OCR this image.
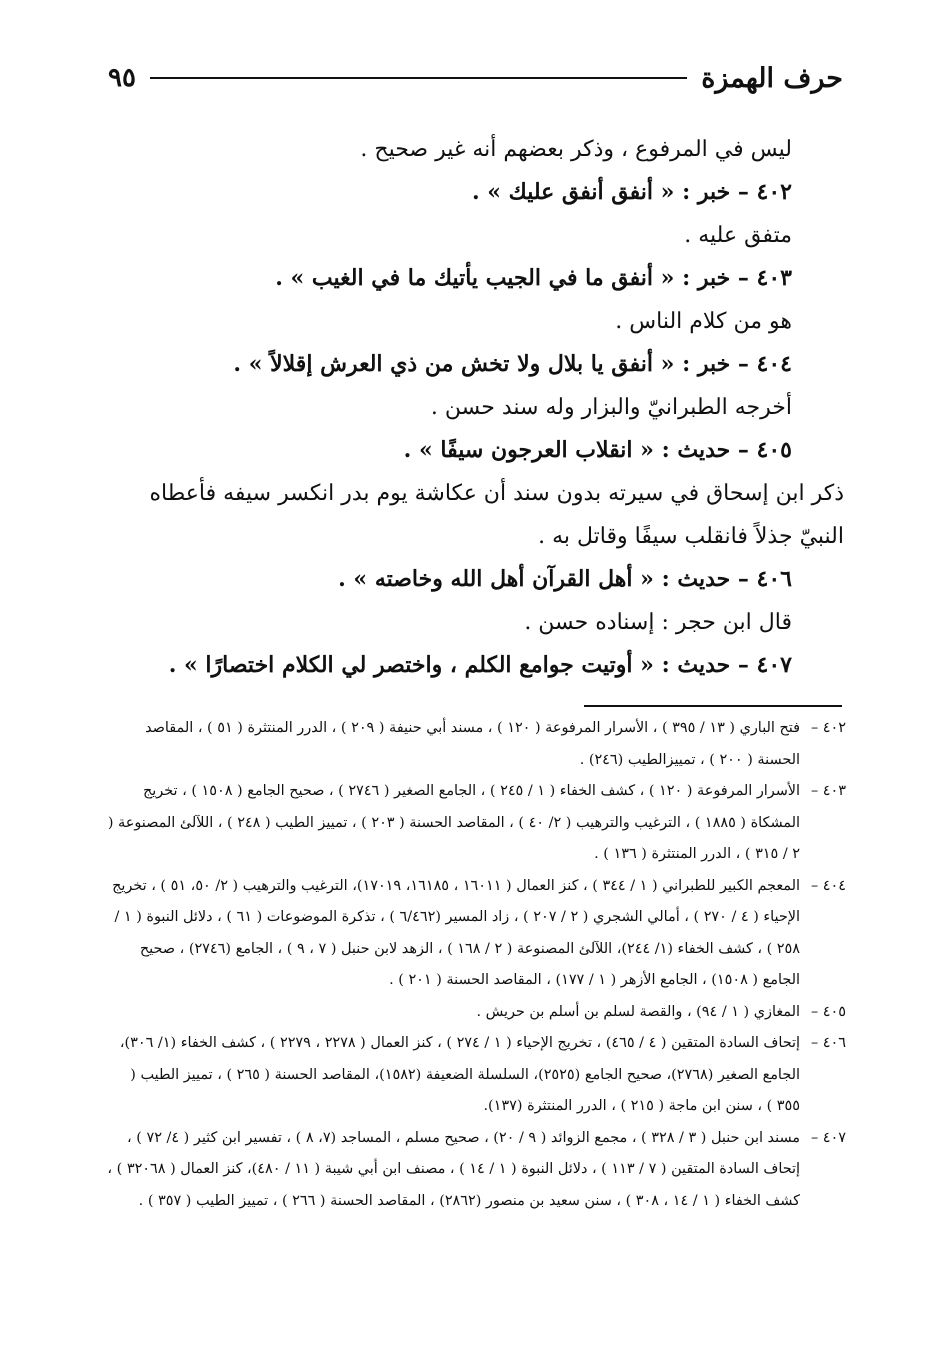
حرف الهمزة
٩٥

ليس في المرفوع ، وذكر بعضهم أنه غير صحيح .

٤٠٢ – خبر : « أنفق أنفق عليك » .

متفق عليه .

٤٠٣ – خبر : « أنفق ما في الجيب يأتيك ما في الغيب » .

هو من كلام الناس .

٤٠٤ – خبر : « أنفق يا بلال ولا تخش من ذي العرش إقلالاً » .

أخرجه الطبرانيّ والبزار وله سند حسن .

٤٠٥ – حديث : « انقلاب العرجون سيفًا » .

ذكر ابن إسحاق في سيرته بدون سند أن عكاشة يوم بدر انكسر سيفه فأعطاه النبيّ جذلاً فانقلب سيفًا وقاتل به .

٤٠٦ – حديث : « أهل القرآن أهل الله وخاصته » .

قال ابن حجر : إسناده حسن .

٤٠٧ – حديث : « أوتيت جوامع الكلم ، واختصر لي الكلام اختصارًا » .

٤٠٢ –
فتح الباري ( ١٣ / ٣٩٥ ) ، الأسرار المرفوعة ( ١٢٠ ) ، مسند أبي حنيفة ( ٢٠٩ ) ، الدرر المنتثرة ( ٥١ ) ، المقاصد الحسنة ( ٢٠٠ ) ، تمييزالطيب (٢٤٦) .
٤٠٣ –
الأسرار المرفوعة ( ١٢٠ ) ، كشف الخفاء ( ١ / ٢٤٥ ) ، الجامع الصغير ( ٢٧٤٦ ) ، صحيح الجامع ( ١٥٠٨ ) ، تخريج المشكاة ( ١٨٨٥ ) ، الترغيب والترهيب ( ٢/ ٤٠ ) ، المقاصد الحسنة ( ٢٠٣ ) ، تمييز الطيب ( ٢٤٨ ) ، اللآلئ المصنوعة ( ٢ / ٣١٥ ) ، الدرر المنتثرة ( ١٣٦ ) .
٤٠٤ –
المعجم الكبير للطبراني ( ١ / ٣٤٤ ) ، كنز العمال ( ١٦٠١١ ، ١٦١٨٥، ١٧٠١٩)، الترغيب والترهيب ( ٢/ ٥٠، ٥١ ) ، تخريج الإحياء ( ٤ / ٢٧٠ ) ، أمالي الشجري ( ٢ / ٢٠٧ ) ، زاد المسير (٦/٤٦٢ ) ، تذكرة الموضوعات ( ٦١ ) ، دلائل النبوة ( ١ / ٢٥٨ ) ، كشف الخفاء (١/ ٢٤٤)، اللآلئ المصنوعة ( ٢ / ١٦٨ ) ، الزهد لابن حنبل ( ٧ ، ٩ ) ، الجامع (٢٧٤٦) ، صحيح الجامع ( ١٥٠٨) ، الجامع الأزهر ( ١ / ١٧٧) ، المقاصد الحسنة ( ٢٠١ ) .
٤٠٥ –
المغازي ( ١ / ٩٤) ، والقصة لسلم بن أسلم بن حريش .
٤٠٦ –
إتحاف السادة المتقين ( ٤ / ٤٦٥) ، تخريج الإحياء ( ١ / ٢٧٤ ) ، كنز العمال ( ٢٢٧٨ ، ٢٢٧٩ ) ، كشف الخفاء (١/ ٣٠٦)، الجامع الصغير (٢٧٦٨)، صحيح الجامع (٢٥٢٥)، السلسلة الضعيفة (١٥٨٢)، المقاصد الحسنة ( ٢٦٥ ) ، تمييز الطيب ( ٣٥٥ ) ، سنن ابن ماجة ( ٢١٥ ) ، الدرر المنتثرة (١٣٧).
٤٠٧ –
مسند ابن حنبل ( ٣ / ٣٢٨ ) ، مجمع الزوائد ( ٩ / ٢٠) ، صحيح مسلم ، المساجد (٧، ٨ ) ، تفسير ابن كثير ( ٤/ ٧٢ ) ، إتحاف السادة المتقين ( ٧ / ١١٣ ) ، دلائل النبوة ( ١ / ١٤ ) ، مصنف ابن أبي شيبة ( ١١ / ٤٨٠)، كنز العمال ( ٣٢٠٦٨ ) ، كشف الخفاء ( ١ / ١٤ ، ٣٠٨ ) ، سنن سعيد بن منصور (٢٨٦٢) ، المقاصد الحسنة ( ٢٦٦ ) ، تمييز الطيب ( ٣٥٧ ) .
